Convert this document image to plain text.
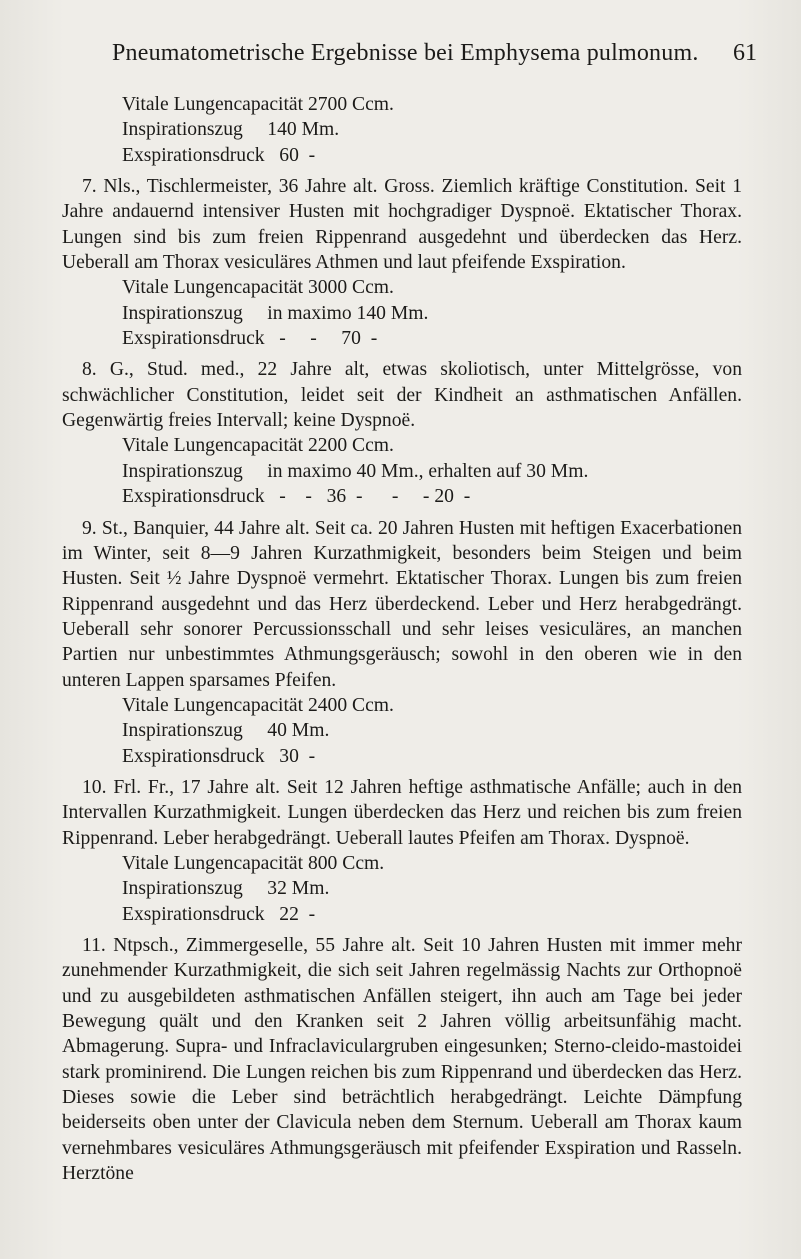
Pneumatometrische Ergebnisse bei Emphysema pulmonum. 61

Vitale Lungencapacität 2700 Ccm.

Inspirationszug     140 Mm.

Exspirationsdruck   60  -

7. Nls., Tischlermeister, 36 Jahre alt. Gross. Ziemlich kräftige Constitution. Seit 1 Jahre andauernd intensiver Husten mit hochgradiger Dyspnoë. Ektatischer Thorax. Lungen sind bis zum freien Rippenrand ausgedehnt und überdecken das Herz. Ueberall am Thorax vesiculäres Athmen und laut pfeifende Exspiration.

Vitale Lungencapacität 3000 Ccm.

Inspirationszug     in maximo 140 Mm.

Exspirationsdruck   -     -     70  -

8. G., Stud. med., 22 Jahre alt, etwas skoliotisch, unter Mittelgrösse, von schwächlicher Constitution, leidet seit der Kindheit an asthmatischen Anfällen. Gegenwärtig freies Intervall; keine Dyspnoë.

Vitale Lungencapacität 2200 Ccm.

Inspirationszug     in maximo 40 Mm., erhalten auf 30 Mm.

Exspirationsdruck   -    -   36  -      -     - 20  -

9. St., Banquier, 44 Jahre alt. Seit ca. 20 Jahren Husten mit heftigen Exacerbationen im Winter, seit 8—9 Jahren Kurzathmigkeit, besonders beim Steigen und beim Husten. Seit ½ Jahre Dyspnoë vermehrt. Ektatischer Thorax. Lungen bis zum freien Rippenrand ausgedehnt und das Herz überdeckend. Leber und Herz herabgedrängt. Ueberall sehr sonorer Percussionsschall und sehr leises vesiculäres, an manchen Partien nur unbestimmtes Athmungsgeräusch; sowohl in den oberen wie in den unteren Lappen sparsames Pfeifen.

Vitale Lungencapacität 2400 Ccm.

Inspirationszug     40 Mm.

Exspirationsdruck   30  -

10. Frl. Fr., 17 Jahre alt. Seit 12 Jahren heftige asthmatische Anfälle; auch in den Intervallen Kurzathmigkeit. Lungen überdecken das Herz und reichen bis zum freien Rippenrand. Leber herabgedrängt. Ueberall lautes Pfeifen am Thorax. Dyspnoë.

Vitale Lungencapacität 800 Ccm.

Inspirationszug     32 Mm.

Exspirationsdruck   22  -

11. Ntpsch., Zimmergeselle, 55 Jahre alt. Seit 10 Jahren Husten mit immer mehr zunehmender Kurzathmigkeit, die sich seit Jahren regelmässig Nachts zur Orthopnoë und zu ausgebildeten asthmatischen Anfällen steigert, ihn auch am Tage bei jeder Bewegung quält und den Kranken seit 2 Jahren völlig arbeitsunfähig macht. Abmagerung. Supra- und Infraclaviculargruben eingesunken; Sterno-cleido-mastoidei stark prominirend. Die Lungen reichen bis zum Rippenrand und überdecken das Herz. Dieses sowie die Leber sind beträchtlich herabgedrängt. Leichte Dämpfung beiderseits oben unter der Clavicula neben dem Sternum. Ueberall am Thorax kaum vernehmbares vesiculäres Athmungsgeräusch mit pfeifender Exspiration und Rasseln. Herztöne
